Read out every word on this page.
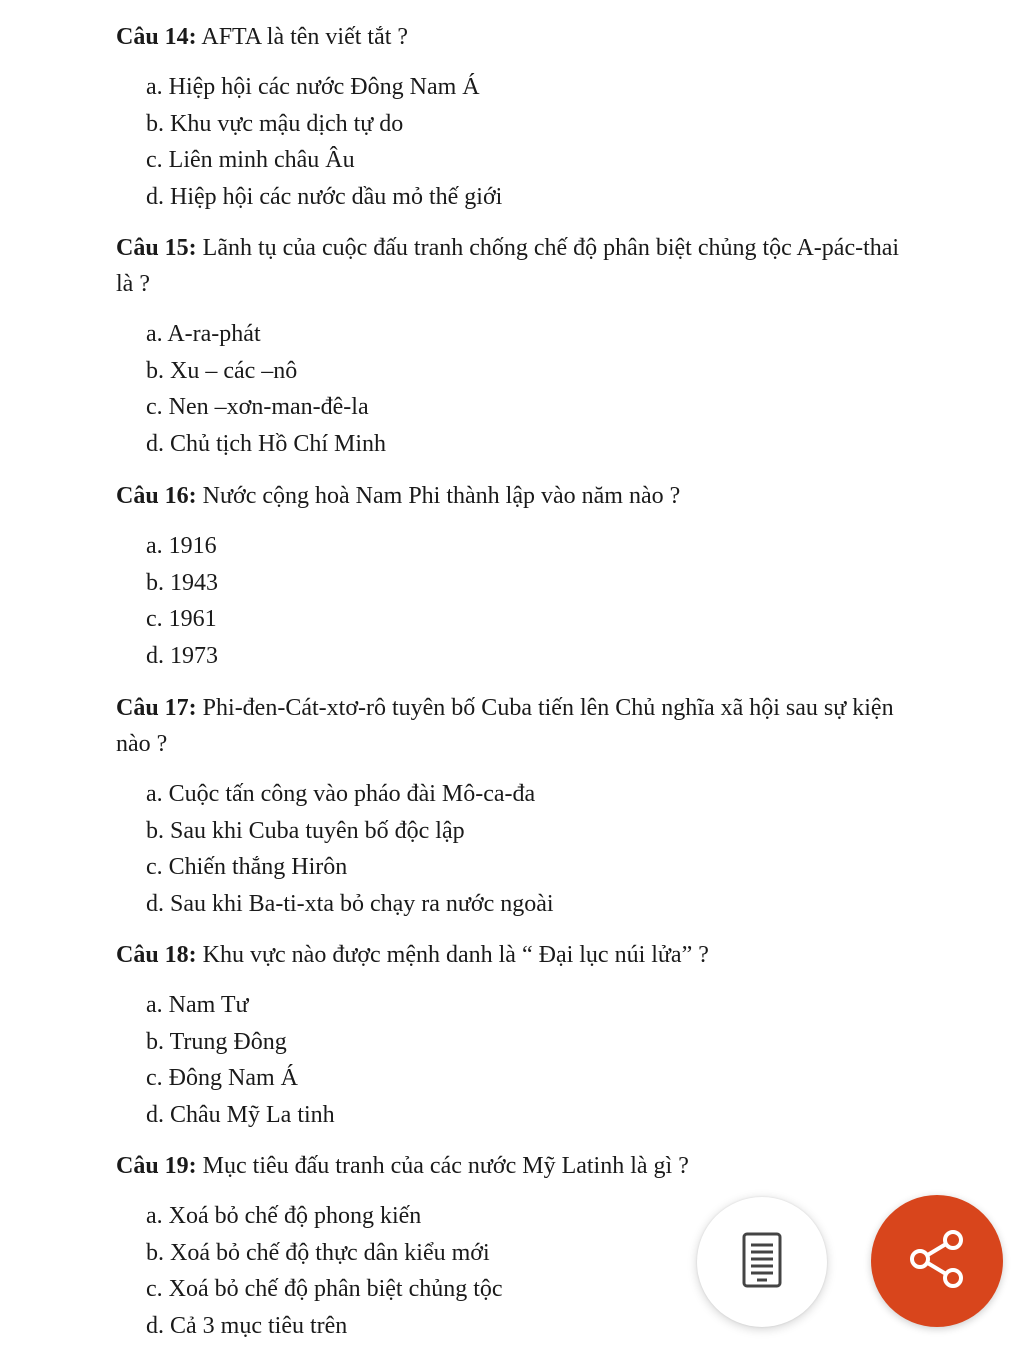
Câu 14: AFTA là tên viết tắt ?

a. Hiệp hội các nước Đông Nam Á
b. Khu vực mậu dịch tự do
c. Liên minh châu Âu
d. Hiệp hội các nước dầu mỏ thế giới

Câu 15: Lãnh tụ của cuộc đấu tranh chống chế độ phân biệt chủng tộc A-pác-thai là ?

a. A-ra-phát
b. Xu – các –nô
c. Nen –xơn-man-đê-la
d. Chủ tịch Hồ Chí Minh

Câu 16: Nước cộng hoà Nam Phi thành lập vào năm nào ?

a. 1916
b. 1943
c. 1961
d. 1973

Câu 17: Phi-đen-Cát-xtơ-rô tuyên bố Cuba tiến lên Chủ nghĩa xã hội sau sự kiện nào ?

a. Cuộc tấn công vào pháo đài Mô-ca-đa
b. Sau khi Cuba tuyên bố độc lập
c. Chiến thắng Hirôn
d. Sau khi Ba-ti-xta bỏ chạy ra nước ngoài

Câu 18: Khu vực nào được mệnh danh là “ Đại lục núi lửa” ?

a. Nam Tư
b. Trung Đông
c. Đông Nam Á
d. Châu Mỹ La tinh

Câu 19: Mục tiêu đấu tranh của các nước Mỹ Latinh là gì ?

a. Xoá bỏ chế độ phong kiến
b. Xoá bỏ chế độ thực dân kiểu mới
c. Xoá bỏ chế độ phân biệt chủng tộc
d. Cả 3 mục tiêu trên
